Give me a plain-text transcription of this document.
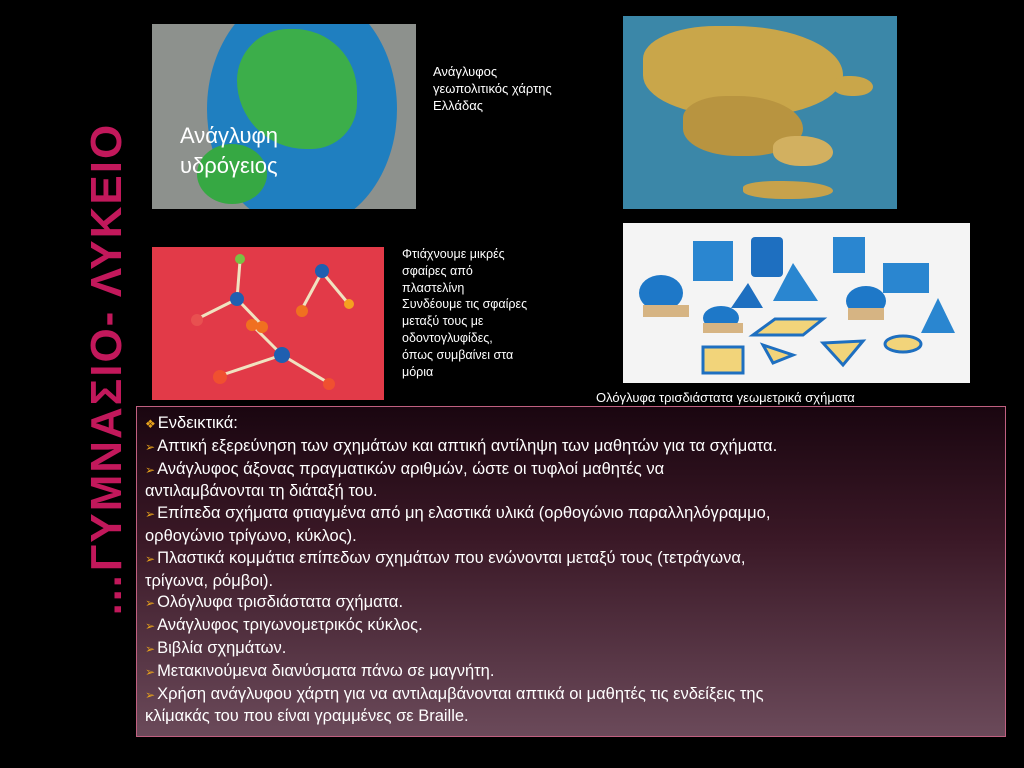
…ΓΥΜΝΑΣΙΟ- ΛΥΚΕΙΟ Ανάγλυφη
υδρόγειος
Ανάγλυφος
γεωπολιτικός χάρτης
Ελλάδας
Φτιάχνουμε μικρές
σφαίρες από
πλαστελίνη
Συνδέουμε τις σφαίρες
μεταξύ τους με
οδοντογλυφίδες,
όπως συμβαίνει στα
μόρια
Ολόγλυφα τρισδιάστατα γεωμετρικά σχήματα
❖ Ενδεικτικά:
➢ Απτική εξερεύνηση των σχημάτων και απτική αντίληψη των μαθητών για τα σχήματα.
➢ Ανάγλυφος άξονας πραγματικών αριθμών, ώστε οι τυφλοί μαθητές να
αντιλαμβάνονται τη διάταξή του.
➢ Επίπεδα σχήματα φτιαγμένα από μη ελαστικά υλικά (ορθογώνιο παραλληλόγραμμο,
ορθογώνιο τρίγωνο, κύκλος).
➢ Πλαστικά κομμάτια επίπεδων σχημάτων που ενώνονται μεταξύ τους (τετράγωνα,
τρίγωνα, ρόμβοι).
➢ Ολόγλυφα τρισδιάστατα σχήματα.
➢ Ανάγλυφος τριγωνομετρικός κύκλος.
➢ Βιβλία σχημάτων.
➢ Μετακινούμενα διανύσματα πάνω σε μαγνήτη.
➢ Χρήση ανάγλυφου χάρτη για να αντιλαμβάνονται απτικά οι μαθητές τις ενδείξεις της
κλίμακάς του που είναι γραμμένες σε Braille.
